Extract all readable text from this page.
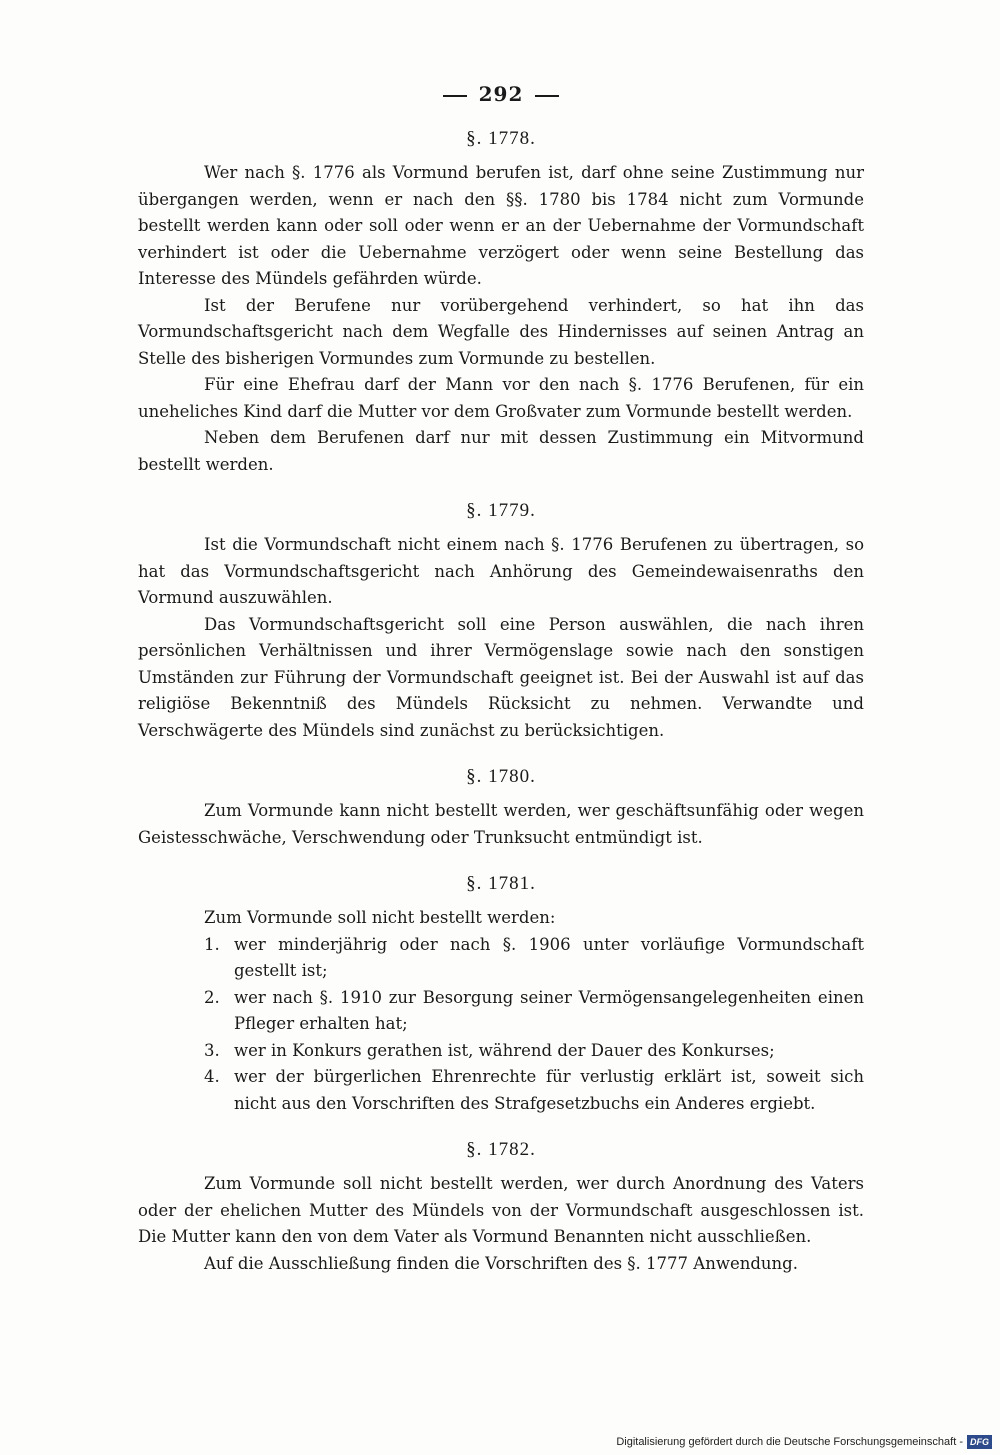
292
§. 1778.

Wer nach §. 1776 als Vormund berufen ist, darf ohne seine Zustimmung nur übergangen werden, wenn er nach den §§. 1780 bis 1784 nicht zum Vormunde bestellt werden kann oder soll oder wenn er an der Uebernahme der Vormundschaft verhindert ist oder die Uebernahme verzögert oder wenn seine Bestellung das Interesse des Mündels gefährden würde.

Ist der Berufene nur vorübergehend verhindert, so hat ihn das Vormundschaftsgericht nach dem Wegfalle des Hindernisses auf seinen Antrag an Stelle des bisherigen Vormundes zum Vormunde zu bestellen.

Für eine Ehefrau darf der Mann vor den nach §. 1776 Berufenen, für ein uneheliches Kind darf die Mutter vor dem Großvater zum Vormunde bestellt werden.

Neben dem Berufenen darf nur mit dessen Zustimmung ein Mitvormund bestellt werden.

§. 1779.

Ist die Vormundschaft nicht einem nach §. 1776 Berufenen zu übertragen, so hat das Vormundschaftsgericht nach Anhörung des Gemeindewaisenraths den Vormund auszuwählen.

Das Vormundschaftsgericht soll eine Person auswählen, die nach ihren persönlichen Verhältnissen und ihrer Vermögenslage sowie nach den sonstigen Umständen zur Führung der Vormundschaft geeignet ist. Bei der Auswahl ist auf das religiöse Bekenntniß des Mündels Rücksicht zu nehmen. Verwandte und Verschwägerte des Mündels sind zunächst zu berücksichtigen.

§. 1780.

Zum Vormunde kann nicht bestellt werden, wer geschäftsunfähig oder wegen Geistesschwäche, Verschwendung oder Trunksucht entmündigt ist.

§. 1781.

Zum Vormunde soll nicht bestellt werden:

1. wer minderjährig oder nach §. 1906 unter vorläufige Vormundschaft gestellt ist;
2. wer nach §. 1910 zur Besorgung seiner Vermögensangelegenheiten einen Pfleger erhalten hat;
3. wer in Konkurs gerathen ist, während der Dauer des Konkurses;
4. wer der bürgerlichen Ehrenrechte für verlustig erklärt ist, soweit sich nicht aus den Vorschriften des Strafgesetzbuchs ein Anderes ergiebt.
§. 1782.

Zum Vormunde soll nicht bestellt werden, wer durch Anordnung des Vaters oder der ehelichen Mutter des Mündels von der Vormundschaft ausgeschlossen ist. Die Mutter kann den von dem Vater als Vormund Benannten nicht ausschließen.

Auf die Ausschließung finden die Vorschriften des §. 1777 Anwendung.

Digitalisierung gefördert durch die Deutsche Forschungsgemeinschaft - DFG
